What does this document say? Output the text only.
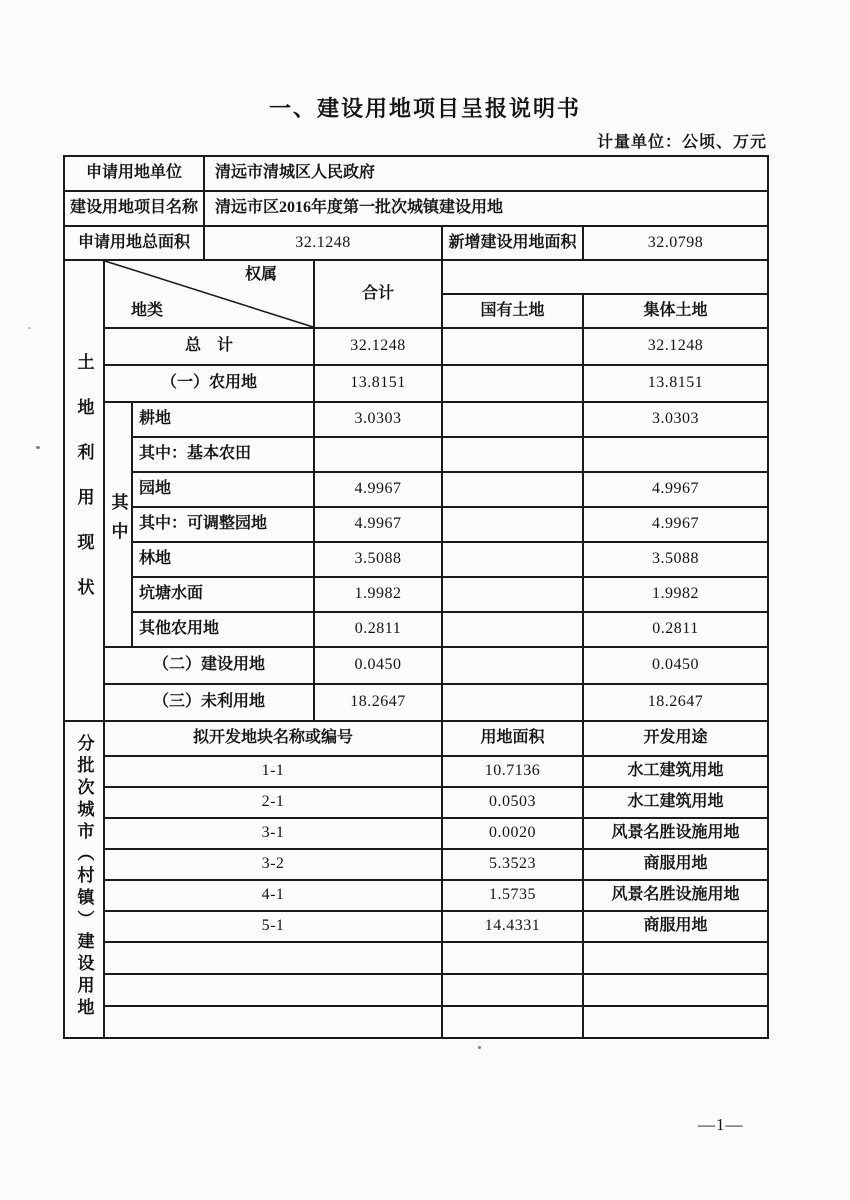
一、建设用地项目呈报说明书
计量单位：公顷、万元
申请用地单位			清远市清城区人民政府			
建设用地项目名称			清远市区2016年度第一批次城镇建设用地			
申请用地总面积			32.1248		新增建设用地面积	32.0798
土地利用现状	权属
地类			合计		
					国有土地	集体土地
	总　计			32.1248		32.1248
	（一）农用地			13.8151		13.8151
	其中	耕地		3.0303		3.0303
		其中：基本农田				
		园地		4.9967		4.9967
		其中：可调整园地		4.9967		4.9967
		林地		3.5088		3.5088
		坑塘水面		1.9982		1.9982
		其他农用地		0.2811		0.2811
	（二）建设用地			0.0450		0.0450
	（三）未利用地			18.2647		18.2647
分批次城市（村镇）建设用地	拟开发地块名称或编号				用地面积	开发用途
	1-1				10.7136	水工建筑用地
	2-1				0.0503	水工建筑用地
	3-1				0.0020	风景名胜设施用地
	3-2				5.3523	商服用地
	4-1				1.5735	风景名胜设施用地
	5-1				14.4331	商服用地

—1—
